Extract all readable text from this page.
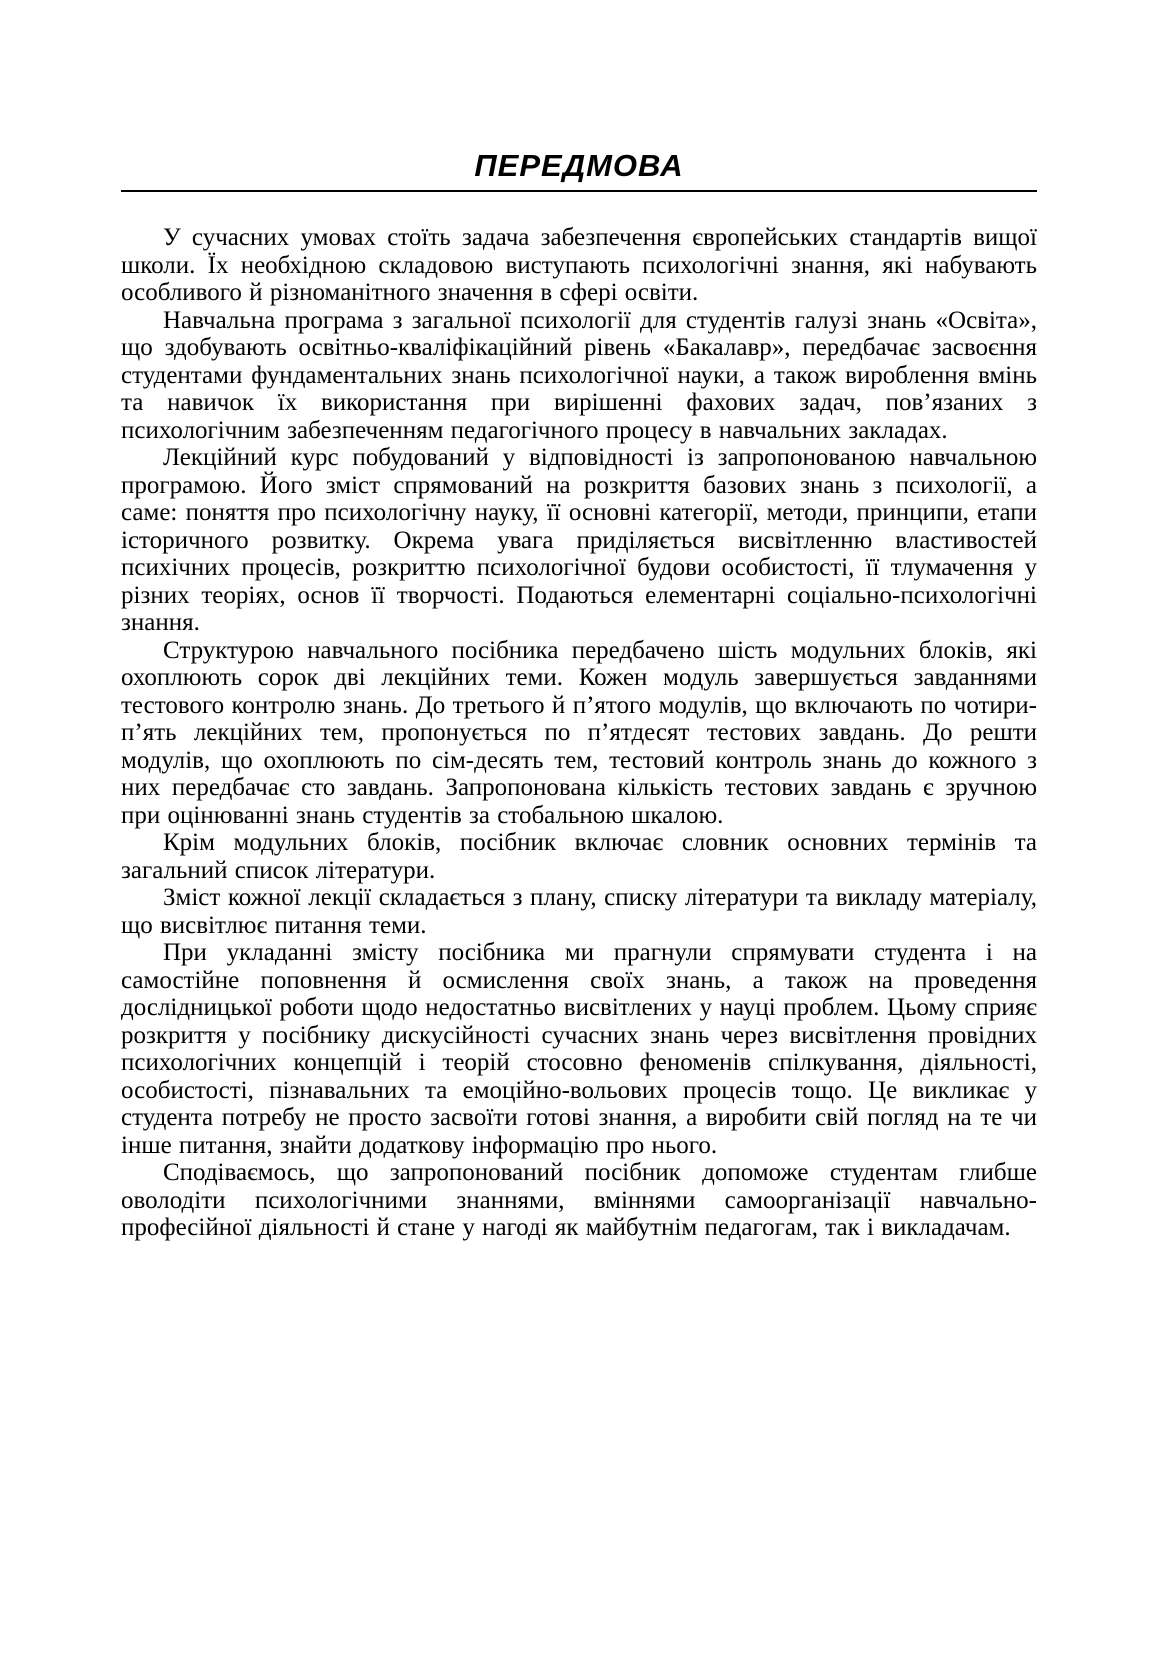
ПЕРЕДМОВА

У сучасних умовах стоїть задача забезпечення європейських стандартів вищої школи. Їх необхідною складовою виступають психологічні знання, які набувають особливого й різноманітного значення в сфері освіти.

Навчальна програма з загальної психології для студентів галузі знань «Освіта», що здобувають освітньо-кваліфікаційний рівень «Бакалавр», передбачає засвоєння студентами фундаментальних знань психологічної науки, а також вироблення вмінь та навичок їх використання при вирішенні фахових задач, пов’язаних з психологічним забезпеченням педагогічного процесу в навчальних закладах.

Лекційний курс побудований у відповідності із запропонованою навчальною програмою. Його зміст спрямований на розкриття базових знань з психології, а саме: поняття про психологічну науку, її основні категорії, методи, принципи, етапи історичного розвитку. Окрема увага приділяється висвітленню властивостей психічних процесів, розкриттю психологічної будови особистості, її тлумачення у різних теоріях, основ її творчості. Подаються елементарні соціально-психологічні знання.

Структурою навчального посібника передбачено шість модульних блоків, які охоплюють сорок дві лекційних теми. Кожен модуль завершується завданнями тестового контролю знань. До третього й п’ятого модулів, що включають по чотири-п’ять лекційних тем, пропонується по п’ятдесят тестових завдань. До решти модулів, що охоплюють по сім-десять тем, тестовий контроль знань до кожного з них передбачає сто завдань. Запропонована кількість тестових завдань є зручною при оцінюванні знань студентів за стобальною шкалою.

Крім модульних блоків, посібник включає словник основних термінів та загальний список літератури.

Зміст кожної лекції складається з плану, списку літератури та викладу матеріалу, що висвітлює питання теми.

При укладанні змісту посібника ми прагнули спрямувати студента і на самостійне поповнення й осмислення своїх знань, а також на проведення дослідницької роботи щодо недостатньо висвітлених у науці проблем. Цьому сприяє розкриття у посібнику дискусійності сучасних знань через висвітлення провідних психологічних концепцій і теорій стосовно феноменів спілкування, діяльності, особистості, пізнавальних та емоційно-вольових процесів тощо. Це викликає у студента потребу не просто засвоїти готові знання, а виробити свій погляд на те чи інше питання, знайти додаткову інформацію про нього.

Сподіваємось, що запропонований посібник допоможе студентам глибше оволодіти психологічними знаннями, вміннями самоорганізації навчально-професійної діяльності й стане у нагоді як майбутнім педагогам, так і викладачам.
